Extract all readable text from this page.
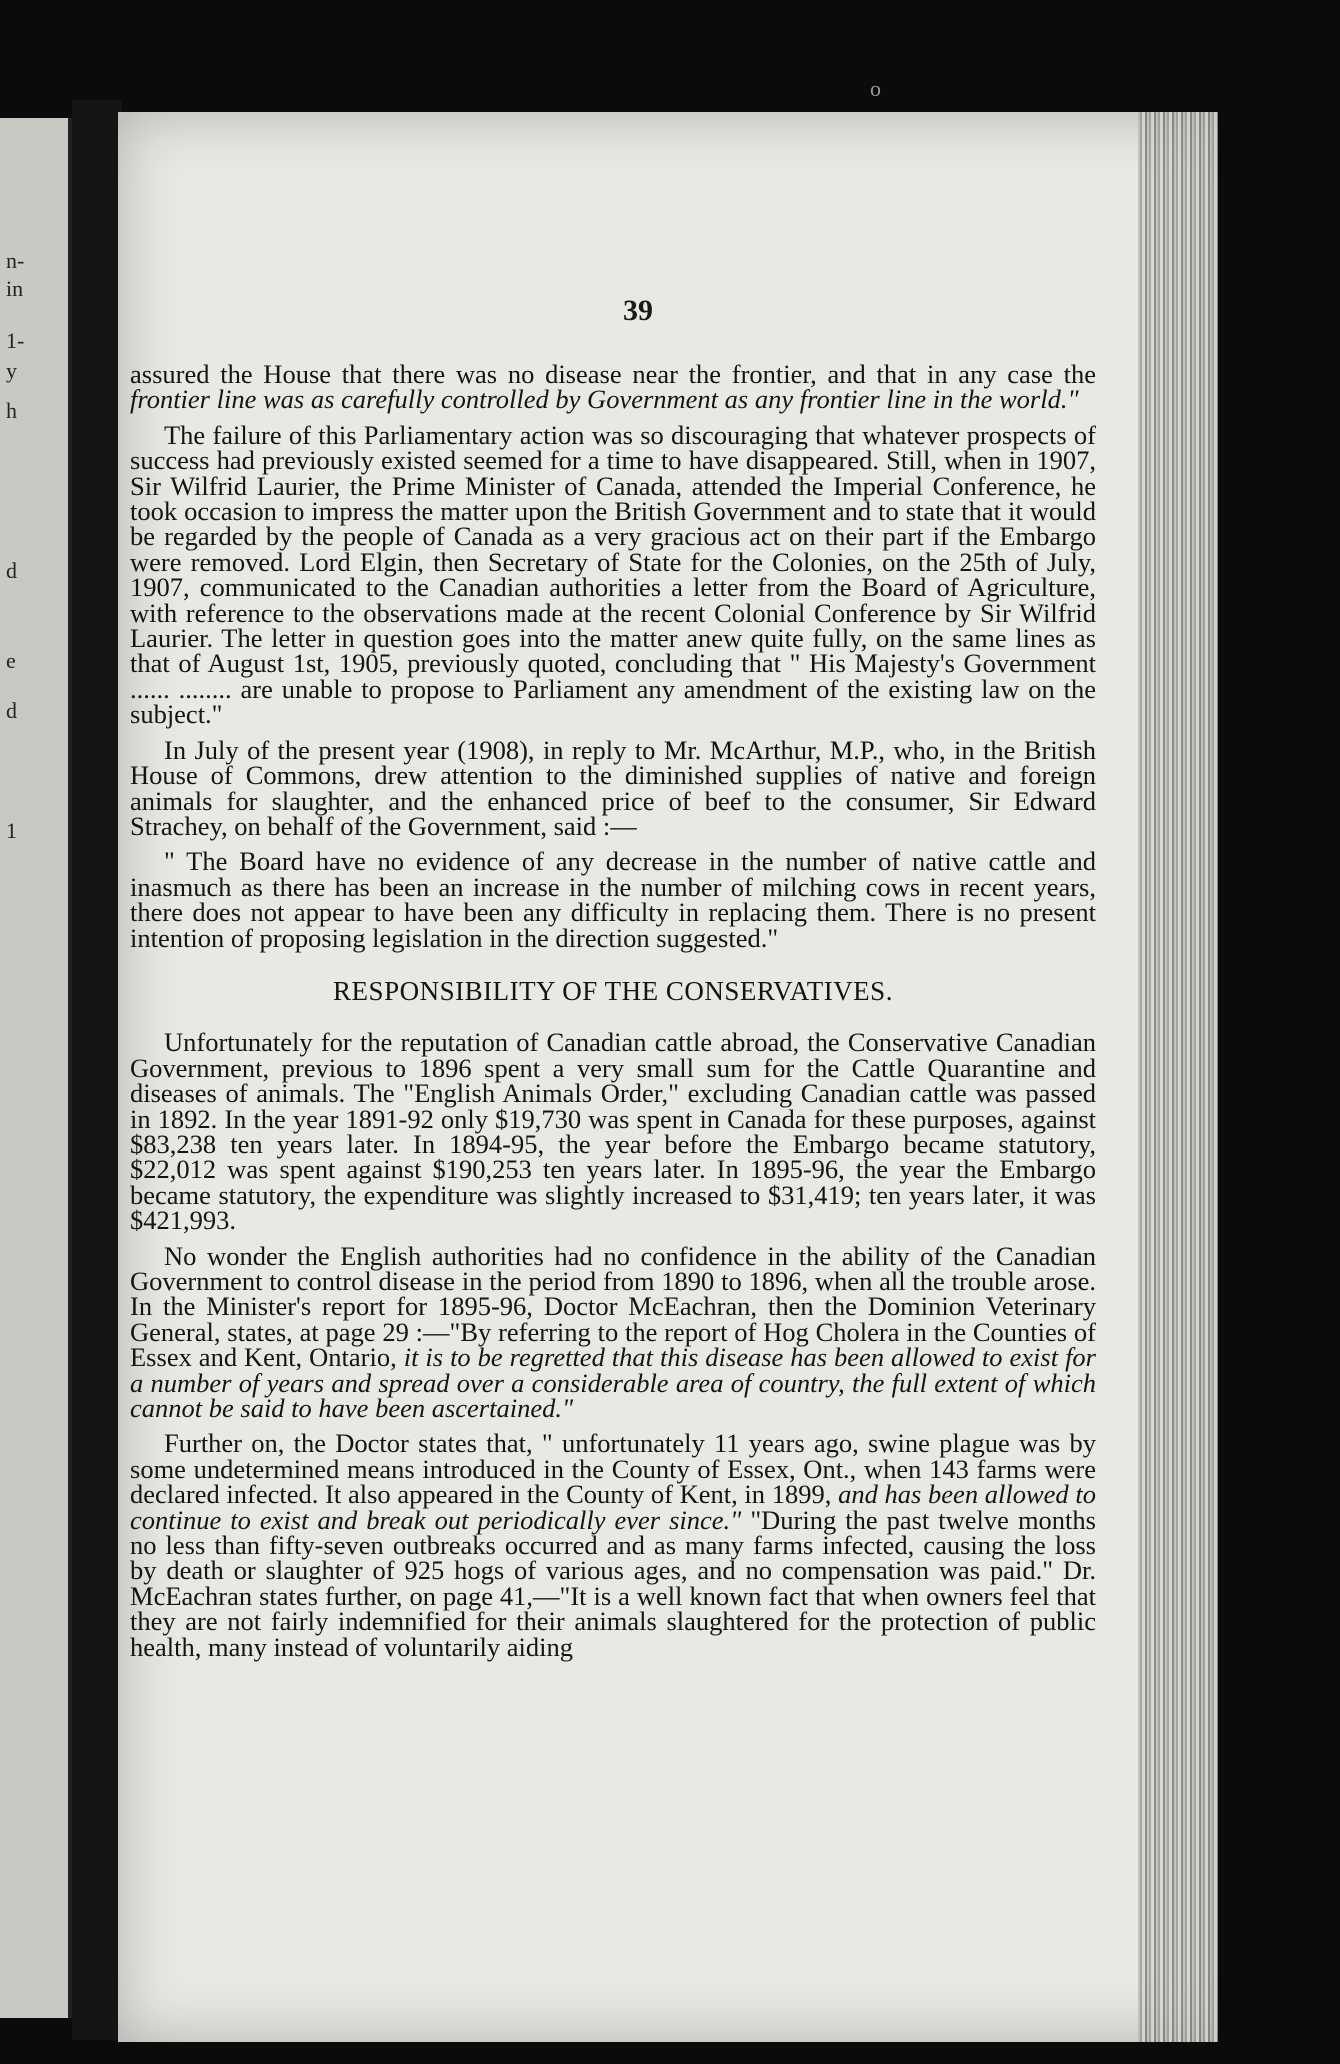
n-
in
1-
y
h
d
e
d
1
o
39

assured the House that there was no disease near the frontier, and that in any case the frontier line was as carefully controlled by Government as any frontier line in the world."

The failure of this Parliamentary action was so discouraging that whatever prospects of success had previously existed seemed for a time to have disappeared. Still, when in 1907, Sir Wilfrid Laurier, the Prime Minister of Canada, attended the Imperial Conference, he took occasion to impress the matter upon the British Government and to state that it would be regarded by the people of Canada as a very gracious act on their part if the Embargo were removed. Lord Elgin, then Secretary of State for the Colonies, on the 25th of July, 1907, communicated to the Canadian authorities a letter from the Board of Agriculture, with reference to the observations made at the recent Colonial Conference by Sir Wilfrid Laurier. The letter in question goes into the matter anew quite fully, on the same lines as that of August 1st, 1905, previously quoted, concluding that " His Majesty's Government ...... ........ are unable to propose to Parliament any amendment of the existing law on the subject."

In July of the present year (1908), in reply to Mr. McArthur, M.P., who, in the British House of Commons, drew attention to the diminished supplies of native and foreign animals for slaughter, and the enhanced price of beef to the consumer, Sir Edward Strachey, on behalf of the Government, said :—

" The Board have no evidence of any decrease in the number of native cattle and inasmuch as there has been an increase in the number of milching cows in recent years, there does not appear to have been any difficulty in replacing them. There is no present intention of proposing legislation in the direction suggested."

RESPONSIBILITY OF THE CONSERVATIVES.

Unfortunately for the reputation of Canadian cattle abroad, the Conservative Canadian Government, previous to 1896 spent a very small sum for the Cattle Quarantine and diseases of animals. The "English Animals Order," excluding Canadian cattle was passed in 1892. In the year 1891-92 only $19,730 was spent in Canada for these purposes, against $83,238 ten years later. In 1894-95, the year before the Embargo became statutory, $22,012 was spent against $190,253 ten years later. In 1895-96, the year the Embargo became statutory, the expenditure was slightly increased to $31,419; ten years later, it was $421,993.

No wonder the English authorities had no confidence in the ability of the Canadian Government to control disease in the period from 1890 to 1896, when all the trouble arose. In the Minister's report for 1895-96, Doctor McEachran, then the Dominion Veterinary General, states, at page 29 :—"By referring to the report of Hog Cholera in the Counties of Essex and Kent, Ontario, it is to be regretted that this disease has been allowed to exist for a number of years and spread over a considerable area of country, the full extent of which cannot be said to have been ascertained."

Further on, the Doctor states that, " unfortunately 11 years ago, swine plague was by some undetermined means introduced in the County of Essex, Ont., when 143 farms were declared infected. It also appeared in the County of Kent, in 1899, and has been allowed to continue to exist and break out periodically ever since." "During the past twelve months no less than fifty-seven outbreaks occurred and as many farms infected, causing the loss by death or slaughter of 925 hogs of various ages, and no compensation was paid." Dr. McEachran states further, on page 41,—"It is a well known fact that when owners feel that they are not fairly indemnified for their animals slaughtered for the protection of public health, many instead of voluntarily aiding
